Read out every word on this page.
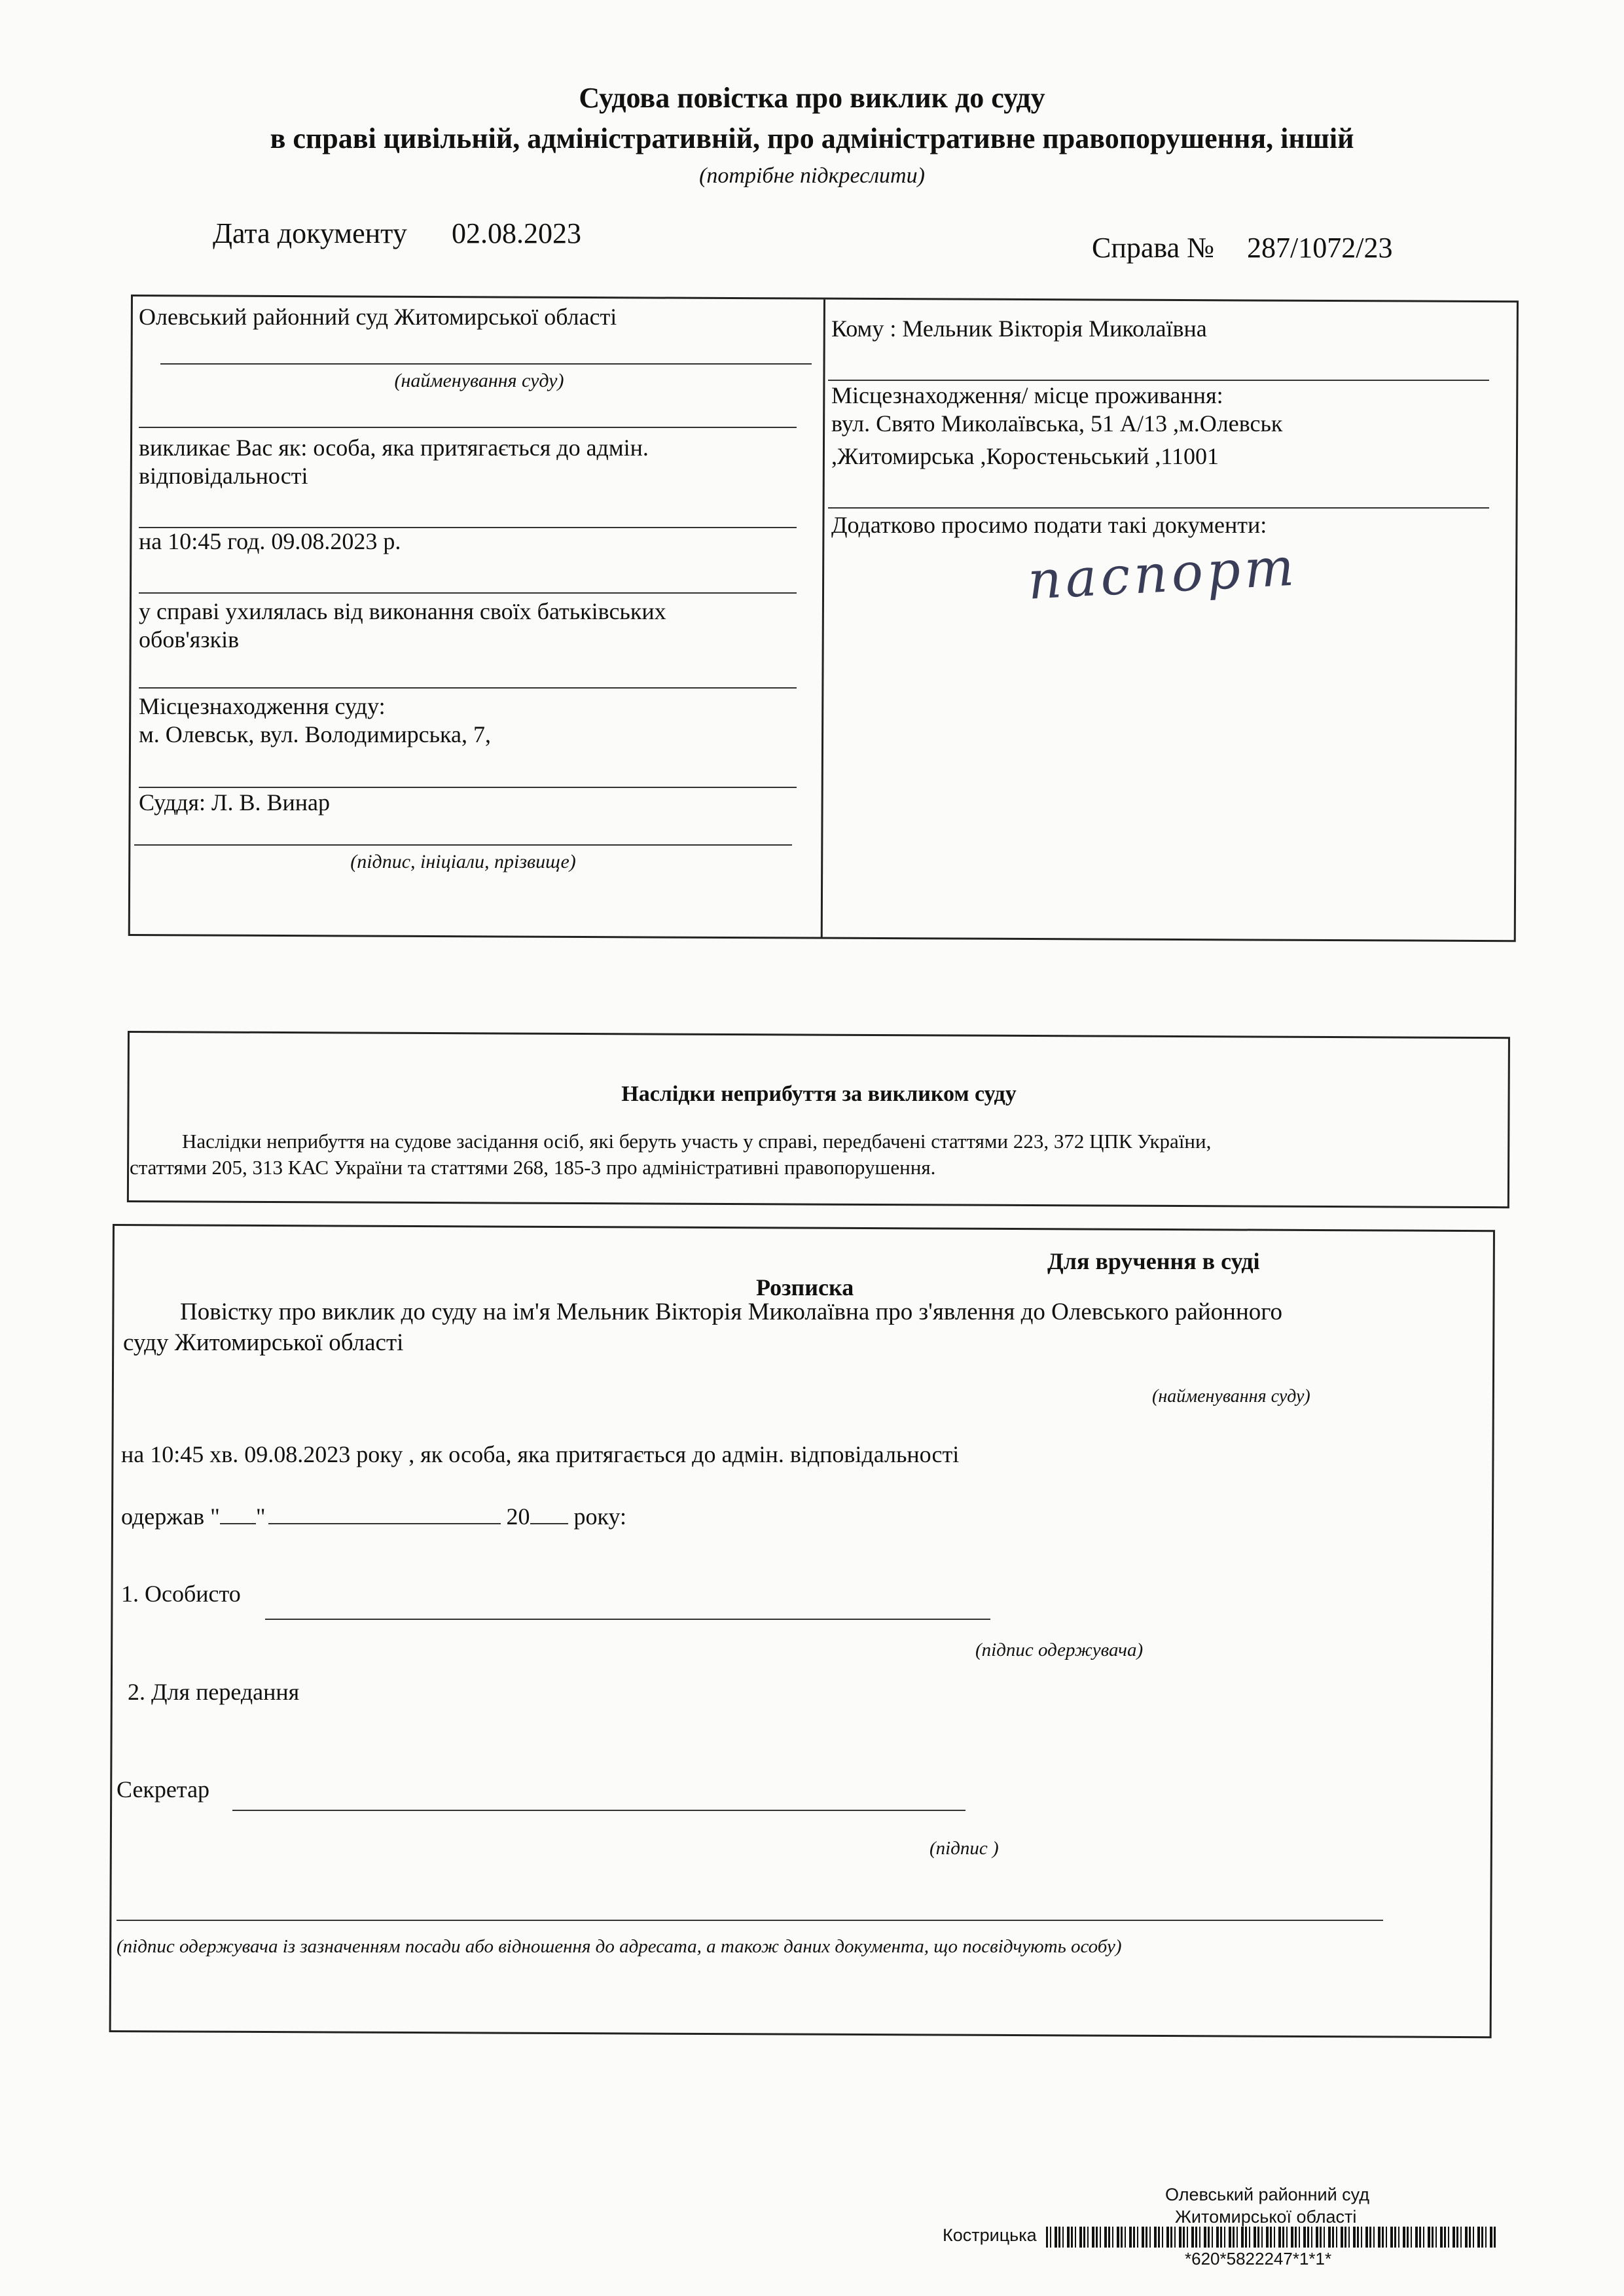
Судова повістка про виклик до суду
в справі цивільній, адміністративній, про адміністративне правопорушення, іншій
(потрібне підкреслити)
Дата документу 02.08.2023	Справа № 287/1072/23
Олевський районний суд Житомирської області
(найменування суду)
викликає Вас як: особа, яка притягається до адмін.
відповідальності
на 10:45 год. 09.08.2023 р.
у справі ухилялась від виконання своїх батьківських
обов'язків
Місцезнаходження суду:
м. Олевськ, вул. Володимирська, 7,
Суддя: Л. В. Винар
(підпис, ініціали, прізвище)
Кому : Мельник Вікторія Миколаївна
Місцезнаходження/ місце проживання:
вул. Свято Миколаївська, 51 А/13 ,м.Олевськ
,Житомирська ,Коростеньський ,11001
Додатково просимо подати такі документи:
паспорт
Наслідки неприбуття за викликом суду
Наслідки неприбуття на судове засідання осіб, які беруть участь у справі, передбачені статтями 223, 372 ЦПК України,
статтями 205, 313 КАС України та статтями 268, 185-3 про адміністративні правопорушення.
Для вручення в суді
Розписка
Повістку про виклик до суду на ім'я Мельник Вікторія Миколаївна про з'явлення до Олевського районного
суду Житомирської області
(найменування суду)
на 10:45 хв. 09.08.2023 року , як особа, яка притягається до адмін. відповідальності
одержав " "	20 року:
1. Особисто
(підпис одержувача)
2. Для передання
Секретар
(підпис )
(підпис одержувача із зазначенням посади або відношення до адресата, а також даних документа, що посвідчують особу)
Олевський районний суд
Житомирської області
Кострицька
*620*5822247*1*1*
